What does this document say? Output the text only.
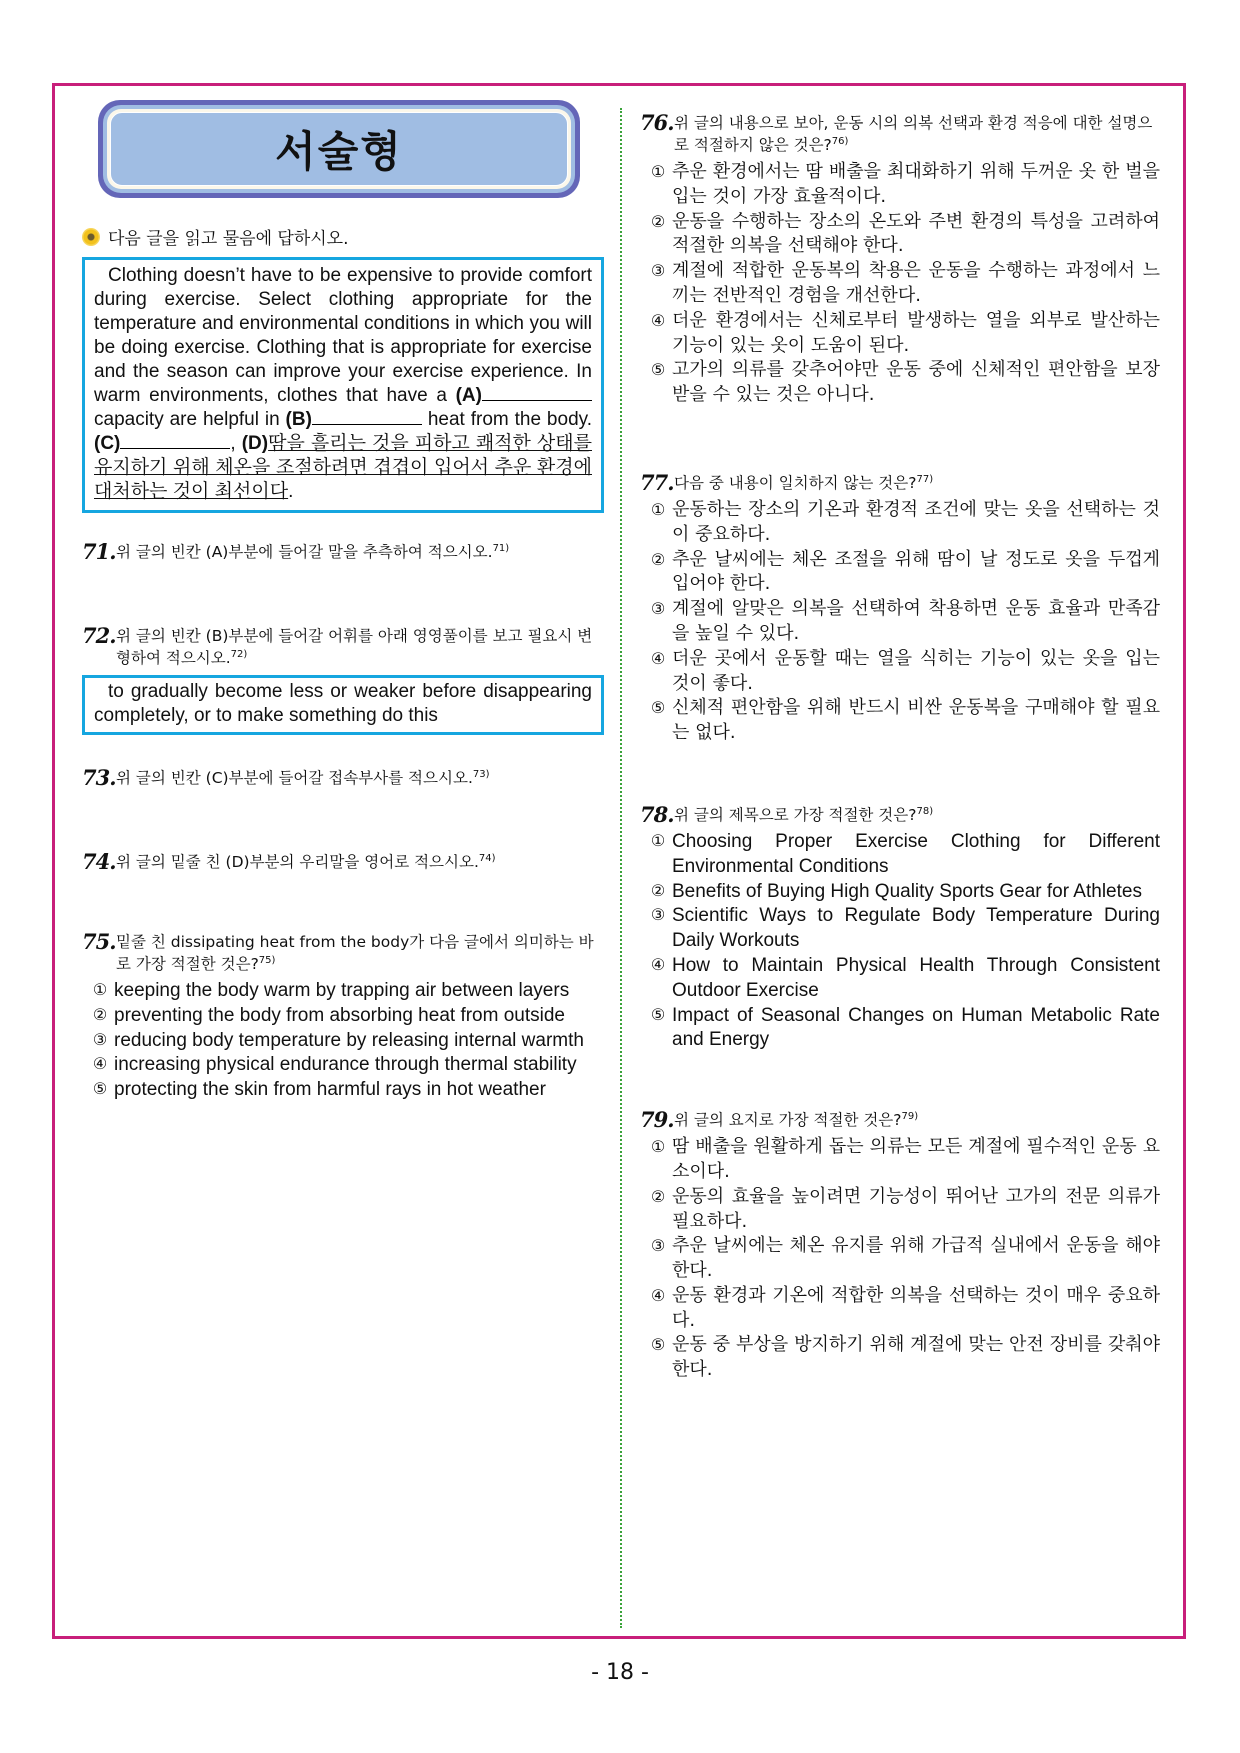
서술형
다음 글을 읽고 물음에 답하시오.
Clothing doesn’t have to be expensive to provide comfort during exercise. Select clothing appropriate for the temperature and environmental conditions in which you will be doing exercise. Clothing that is appropriate for exercise and the season can improve your exercise experience. In warm environments, clothes that have a (A) capacity are helpful in (B)	heat from the body. (C)	, (D)땀을 흘리는 것을 피하고 쾌적한 상태를 유지하기 위해 체온을 조절하려면 겹겹이 입어서 추운 환경에 대처하는 것이 최선이다.
71. 위 글의 빈칸 (A)부분에 들어갈 말을 추측하여 적으시오.$^{71)}$
72. 위 글의 빈칸 (B)부분에 들어갈 어휘를 아래 영영풀이를 보고 필요시 변형하여 적으시오.$^{72)}$
to gradually become less or weaker before disappearing completely, or to make something do this
73. 위 글의 빈칸 (C)부분에 들어갈 접속부사를 적으시오.$^{73)}$
74. 위 글의 밑줄 친 (D)부분의 우리말을 영어로 적으시오.$^{74)}$
75. 밑줄 친 dissipating heat from the body가 다음 글에서 의미하는 바로 가장 적절한 것은?$^{75)}$
① keeping the body warm by trapping air between layers
② preventing the body from absorbing heat from outside
③ reducing body temperature by releasing internal warmth
④ increasing physical endurance through thermal stability
⑤ protecting the skin from harmful rays in hot weather
76. 위 글의 내용으로 보아, 운동 시의 의복 선택과 환경 적응에 대한 설명으로 적절하지 않은 것은?$^{76)}$
① 추운 환경에서는 땀 배출을 최대화하기 위해 두꺼운 옷 한 벌을 입는 것이 가장 효율적이다.
② 운동을 수행하는 장소의 온도와 주변 환경의 특성을 고려하여 적절한 의복을 선택해야 한다.
③ 계절에 적합한 운동복의 착용은 운동을 수행하는 과정에서 느끼는 전반적인 경험을 개선한다.
④ 더운 환경에서는 신체로부터 발생하는 열을 외부로 발산하는 기능이 있는 옷이 도움이 된다.
⑤ 고가의 의류를 갖추어야만 운동 중에 신체적인 편안함을 보장받을 수 있는 것은 아니다.
77. 다음 중 내용이 일치하지 않는 것은?$^{77)}$
① 운동하는 장소의 기온과 환경적 조건에 맞는 옷을 선택하는 것이 중요하다.
② 추운 날씨에는 체온 조절을 위해 땀이 날 정도로 옷을 두껍게 입어야 한다.
③ 계절에 알맞은 의복을 선택하여 착용하면 운동 효율과 만족감을 높일 수 있다.
④ 더운 곳에서 운동할 때는 열을 식히는 기능이 있는 옷을 입는 것이 좋다.
⑤ 신체적 편안함을 위해 반드시 비싼 운동복을 구매해야 할 필요는 없다.
78. 위 글의 제목으로 가장 적절한 것은?$^{78)}$
① Choosing Proper Exercise Clothing for Different Environmental Conditions
② Benefits of Buying High Quality Sports Gear for Athletes
③ Scientific Ways to Regulate Body Temperature During Daily Workouts
④ How to Maintain Physical Health Through Consistent Outdoor Exercise
⑤ Impact of Seasonal Changes on Human Metabolic Rate and Energy
79. 위 글의 요지로 가장 적절한 것은?$^{79)}$
① 땀 배출을 원활하게 돕는 의류는 모든 계절에 필수적인 운동 요소이다.
② 운동의 효율을 높이려면 기능성이 뛰어난 고가의 전문 의류가 필요하다.
③ 추운 날씨에는 체온 유지를 위해 가급적 실내에서 운동을 해야 한다.
④ 운동 환경과 기온에 적합한 의복을 선택하는 것이 매우 중요하다.
⑤ 운동 중 부상을 방지하기 위해 계절에 맞는 안전 장비를 갖춰야 한다.
- 18 -
